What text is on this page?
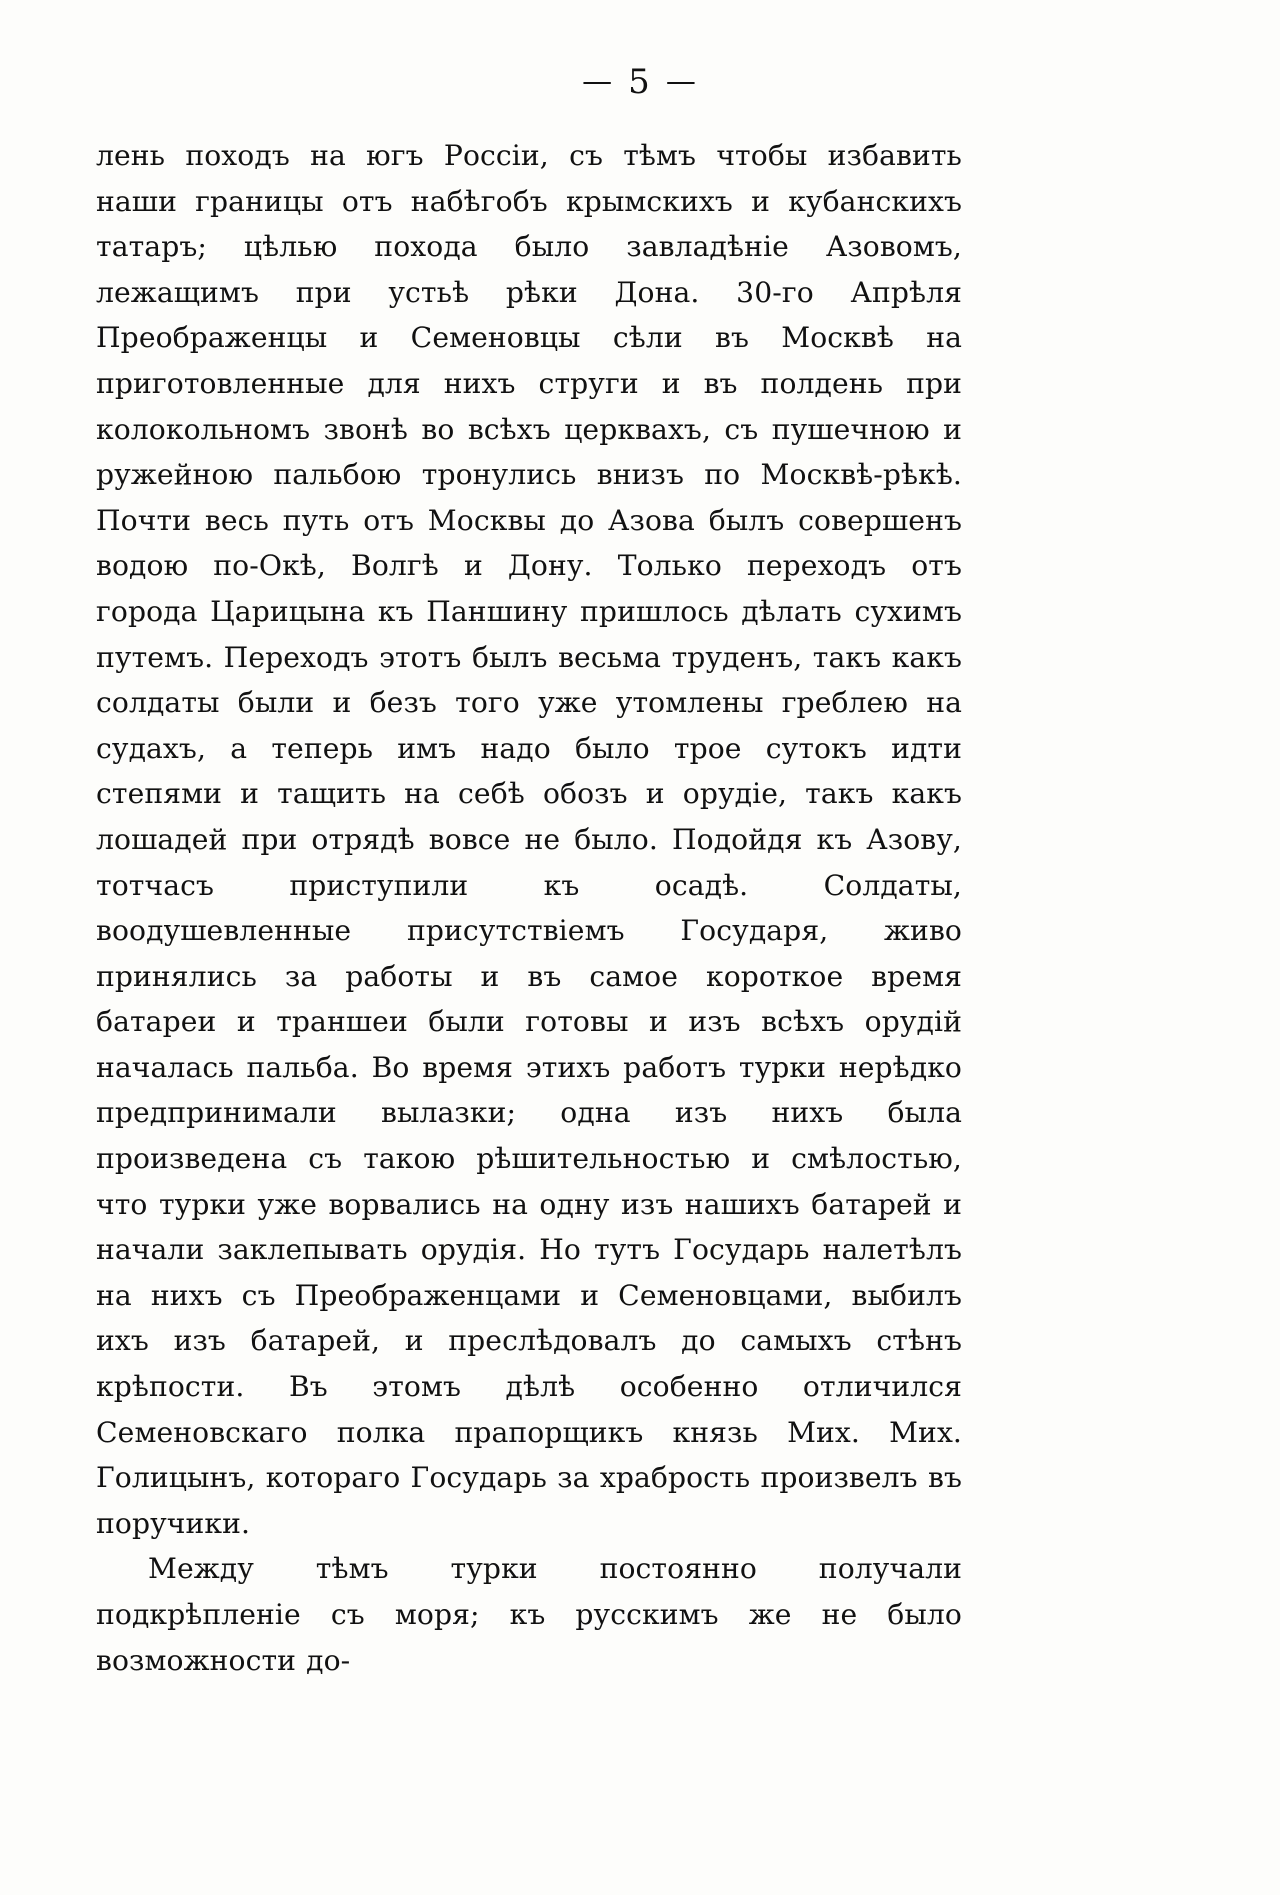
— 5 —

лень походъ на югъ Россіи, съ тѣмъ чтобы избавить наши границы отъ набѣгобъ крымскихъ и кубанскихъ татаръ; цѣлью похода было завладѣніе Азовомъ, лежащимъ при устьѣ рѣки Дона. 30-го Апрѣля Преображенцы и Семеновцы сѣли въ Москвѣ на приготовленные для нихъ струги и въ полдень при колокольномъ звонѣ во всѣхъ церквахъ, съ пушечною и ружейною пальбою тронулись внизъ по Москвѣ-рѣкѣ. Почти весь путь отъ Москвы до Азова былъ совершенъ водою по-Окѣ, Волгѣ и Дону. Только переходъ отъ города Царицына къ Паншину пришлось дѣлать сухимъ путемъ. Переходъ этотъ былъ весьма труденъ, такъ какъ солдаты были и безъ того уже утомлены греблею на судахъ, а теперь имъ надо было трое сутокъ идти степями и тащить на себѣ обозъ и орудіе, такъ какъ лошадей при отрядѣ вовсе не было. Подойдя къ Азову, тотчасъ приступили къ осадѣ. Солдаты, воодушевленные присутствіемъ Государя, живо принялись за работы и въ самое короткое время батареи и траншеи были готовы и изъ всѣхъ орудій началась пальба. Во время этихъ работъ турки нерѣдко предпринимали вылазки; одна изъ нихъ была произведена съ такою рѣшительностью и смѣлостью, что турки уже ворвались на одну изъ нашихъ батарей и начали заклепывать орудія. Но тутъ Государь налетѣлъ на нихъ съ Преображенцами и Семеновцами, выбилъ ихъ изъ батарей, и преслѣдовалъ до самыхъ стѣнъ крѣпости. Въ этомъ дѣлѣ особенно отличился Семеновскаго полка прапорщикъ князь Мих. Мих. Голицынъ, котораго Государь за храбрость произвелъ въ поручики.

Между тѣмъ турки постоянно получали подкрѣпленіе съ моря; къ русскимъ же не было возможности до-
